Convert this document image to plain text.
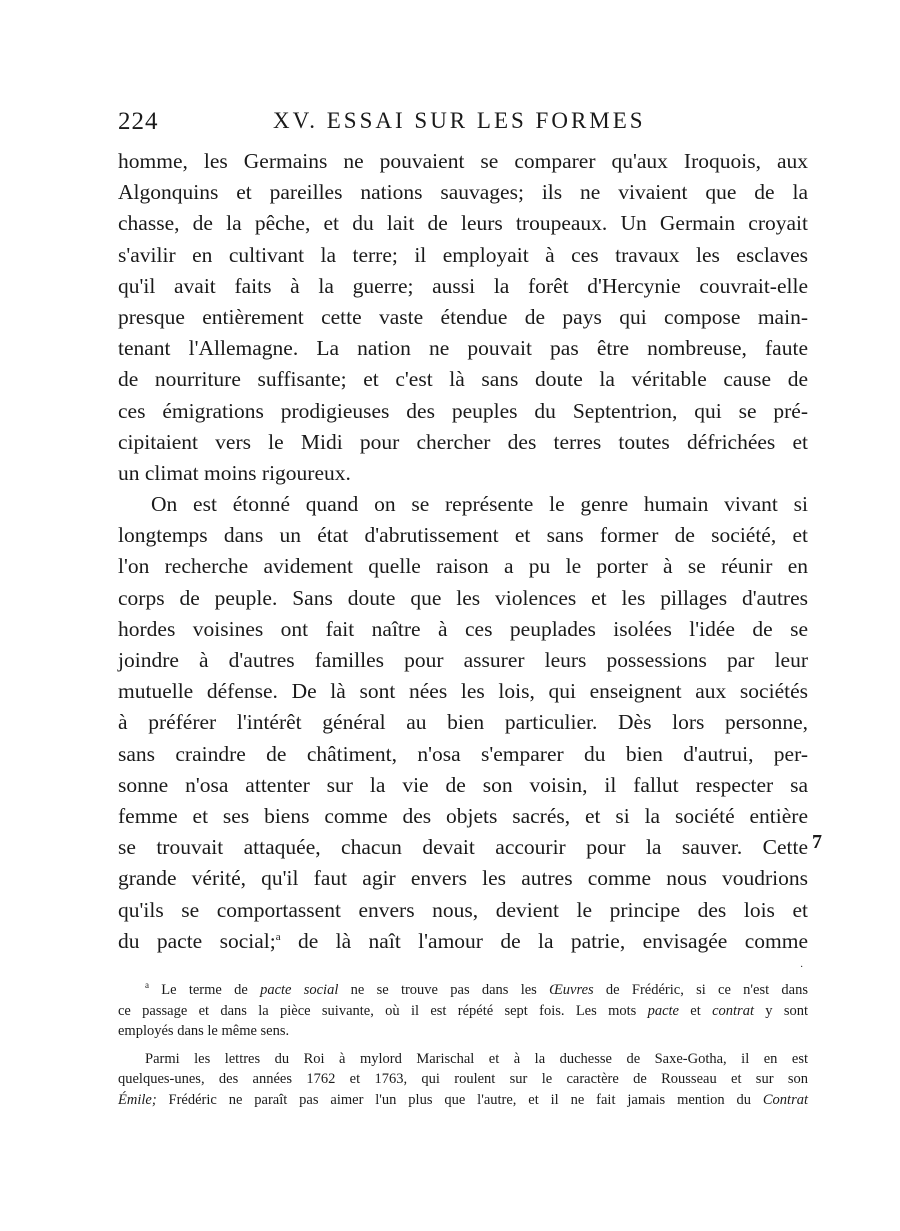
224	XV. ESSAI SUR LES FORMES
homme, les Germains ne pouvaient se comparer qu'aux Iroquois, aux
Algonquins et pareilles nations sauvages; ils ne vivaient que de la
chasse, de la pêche, et du lait de leurs troupeaux. Un Germain croyait
s'avilir en cultivant la terre; il employait à ces travaux les esclaves
qu'il avait faits à la guerre; aussi la forêt d'Hercynie couvrait-elle
presque entièrement cette vaste étendue de pays qui compose main-
tenant l'Allemagne. La nation ne pouvait pas être nombreuse, faute
de nourriture suffisante; et c'est là sans doute la véritable cause de
ces émigrations prodigieuses des peuples du Septentrion, qui se pré-
cipitaient vers le Midi pour chercher des terres toutes défrichées et
un climat moins rigoureux.
On est étonné quand on se représente le genre humain vivant si
longtemps dans un état d'abrutissement et sans former de société, et
l'on recherche avidement quelle raison a pu le porter à se réunir en
corps de peuple. Sans doute que les violences et les pillages d'autres
hordes voisines ont fait naître à ces peuplades isolées l'idée de se
joindre à d'autres familles pour assurer leurs possessions par leur
mutuelle défense. De là sont nées les lois, qui enseignent aux sociétés
à préférer l'intérêt général au bien particulier. Dès lors personne,
sans craindre de châtiment, n'osa s'emparer du bien d'autrui, per-
sonne n'osa attenter sur la vie de son voisin, il fallut respecter sa
femme et ses biens comme des objets sacrés, et si la société entière
se trouvait attaquée, chacun devait accourir pour la sauver. Cette
grande vérité, qu'il faut agir envers les autres comme nous voudrions
qu'ils se comportassent envers nous, devient le principe des lois et
du pacte social;$^a$ de là naît l'amour de la patrie, envisagée comme
7
·
$^a$ Le terme de pacte social ne se trouve pas dans les Œuvres de Frédéric, si ce n'est dans
ce passage et dans la pièce suivante, où il est répété sept fois. Les mots pacte et contrat y sont
employés dans le même sens.
Parmi les lettres du Roi à mylord Marischal et à la duchesse de Saxe-Gotha, il en est
quelques-unes, des années 1762 et 1763, qui roulent sur le caractère de Rousseau et sur son
Émile; Frédéric ne paraît pas aimer l'un plus que l'autre, et il ne fait jamais mention du Contrat
